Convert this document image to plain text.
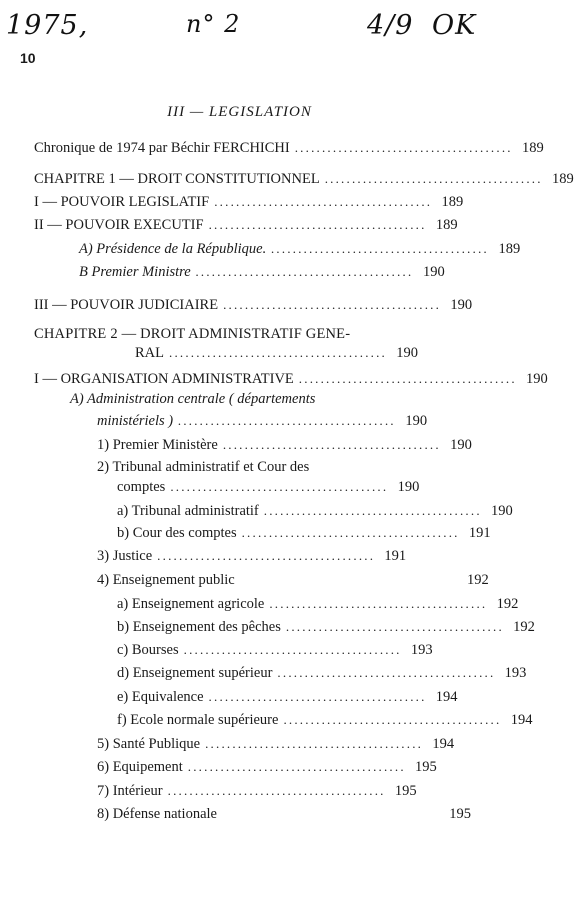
1975,	n° 2	4/9 OK
10
III — LEGISLATION
Chronique de 1974 par Béchir FERCHICHI ........................................ 189
CHAPITRE 1 — DROIT CONSTITUTIONNEL ........................................ 189
I — POUVOIR LEGISLATIF ........................................ 189
II — POUVOIR EXECUTIF ........................................ 189
A) Présidence de la République. ........................................ 189
B Premier Ministre ........................................ 190
III — POUVOIR JUDICIAIRE ........................................ 190
CHAPITRE 2 — DROIT ADMINISTRATIF GENE-
RAL ........................................ 190
I — ORGANISATION ADMINISTRATIVE ........................................ 190
A) Administration centrale ( départements
ministériels ) ........................................ 190
1) Premier Ministère ........................................ 190
2) Tribunal administratif et Cour des
comptes ........................................ 190
a) Tribunal administratif ........................................ 190
b) Cour des comptes ........................................ 191
3) Justice ........................................ 191
4) Enseignement public	192
a) Enseignement agricole ........................................ 192
b) Enseignement des pêches ........................................ 192
c) Bourses ........................................ 193
d) Enseignement supérieur ........................................ 193
e) Equivalence ........................................ 194
f) Ecole normale supérieure ........................................ 194
5) Santé Publique ........................................ 194
6) Equipement ........................................ 195
7) Intérieur ........................................ 195
8) Défense nationale	195
